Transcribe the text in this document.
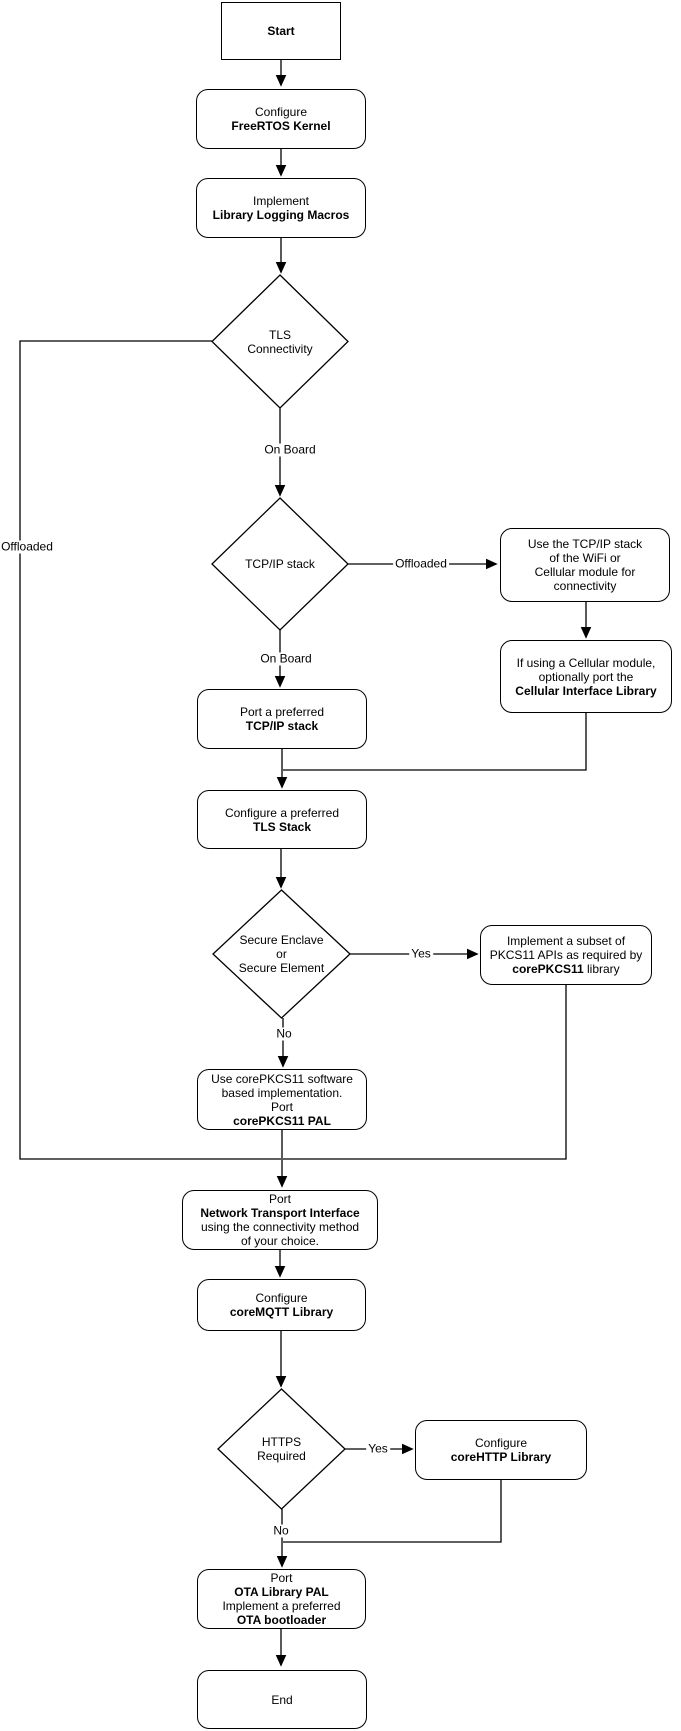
Start
Configure
FreeRTOS Kernel
Implement
Library Logging Macros
TLS
Connectivity
TCP/IP stack
Use the TCP/IP stack
of the WiFi or
Cellular module for
connectivity
If using a Cellular module,
optionally port the
Cellular Interface Library
Port a preferred
TCP/IP stack
Configure a preferred
TLS Stack
Secure Enclave
or
Secure Element
Implement a subset of
PKCS11 APIs as required by
corePKCS11 library
Use corePKCS11 software
based implementation.
Port
corePKCS11 PAL
Port
Network Transport Interface
using the connectivity method
of your choice.
Configure
coreMQTT Library
HTTPS
Required
Configure
coreHTTP Library
Port
OTA Library PAL
Implement a preferred
OTA bootloader
End
On Board
Offloaded
Offloaded
On Board
Yes
No
Yes
No
